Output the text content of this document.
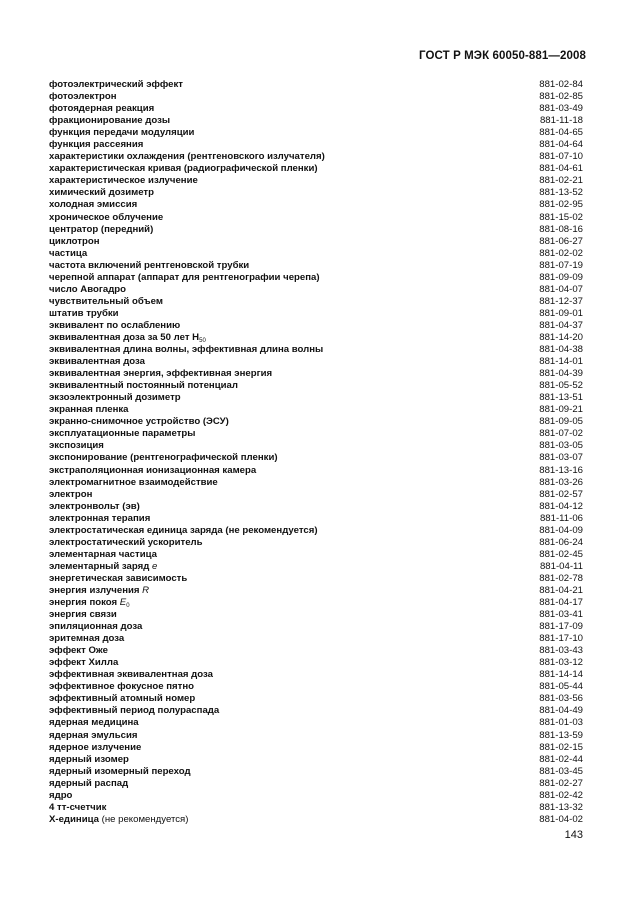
ГОСТ Р МЭК 60050-881—2008
фотоэлектрический эффект	881-02-84
фотоэлектрон	881-02-85
фотоядерная реакция	881-03-49
фракционирование дозы	881-11-18
функция передачи модуляции	881-04-65
функция рассеяния	881-04-64
характеристики охлаждения (рентгеновского излучателя)	881-07-10
характеристическая кривая (радиографической пленки)	881-04-61
характеристическое излучение	881-02-21
химический дозиметр	881-13-52
холодная эмиссия	881-02-95
хроническое облучение	881-15-02
центратор (передний)	881-08-16
циклотрон	881-06-27
частица	881-02-02
частота включений рентгеновской трубки	881-07-19
черепной аппарат (аппарат для рентгенографии черепа)	881-09-09
число Авогадро	881-04-07
чувствительный объем	881-12-37
штатив трубки	881-09-01
эквивалент по ослаблению	881-04-37
эквивалентная доза за 50 лет $H_{50}$	881-14-20
эквивалентная длина волны, эффективная длина волны	881-04-38
эквивалентная доза	881-14-01
эквивалентная энергия, эффективная энергия	881-04-39
эквивалентный постоянный потенциал	881-05-52
экзоэлектронный дозиметр	881-13-51
экранная пленка	881-09-21
экранно-снимочное устройство (ЭСУ)	881-09-05
эксплуатационные параметры	881-07-02
экспозиция	881-03-05
экспонирование (рентгенографической пленки)	881-03-07
экстраполяционная ионизационная камера	881-13-16
электромагнитное взаимодействие	881-03-26
электрон	881-02-57
электронвольт (эв)	881-04-12
электронная терапия	881-11-06
электростатическая единица заряда (не рекомендуется)	881-04-09
электростатический ускоритель	881-06-24
элементарная частица	881-02-45
элементарный заряд e	881-04-11
энергетическая зависимость	881-02-78
энергия излучения R	881-04-21
энергия покоя $E_0$	881-04-17
энергия связи	881-03-41
эпиляционная доза	881-17-09
эритемная доза	881-17-10
эффект Оже	881-03-43
эффект Хилла	881-03-12
эффективная эквивалентная доза	881-14-14
эффективное фокусное пятно	881-05-44
эффективный атомный номер	881-03-56
эффективный период полураспада	881-04-49
ядерная медицина	881-01-03
ядерная эмульсия	881-13-59
ядерное излучение	881-02-15
ядерный изомер	881-02-44
ядерный изомерный переход	881-03-45
ядерный распад	881-02-27
ядро	881-02-42
4 тт-счетчик	881-13-32
Х-единица (не рекомендуется)	881-04-02
143
